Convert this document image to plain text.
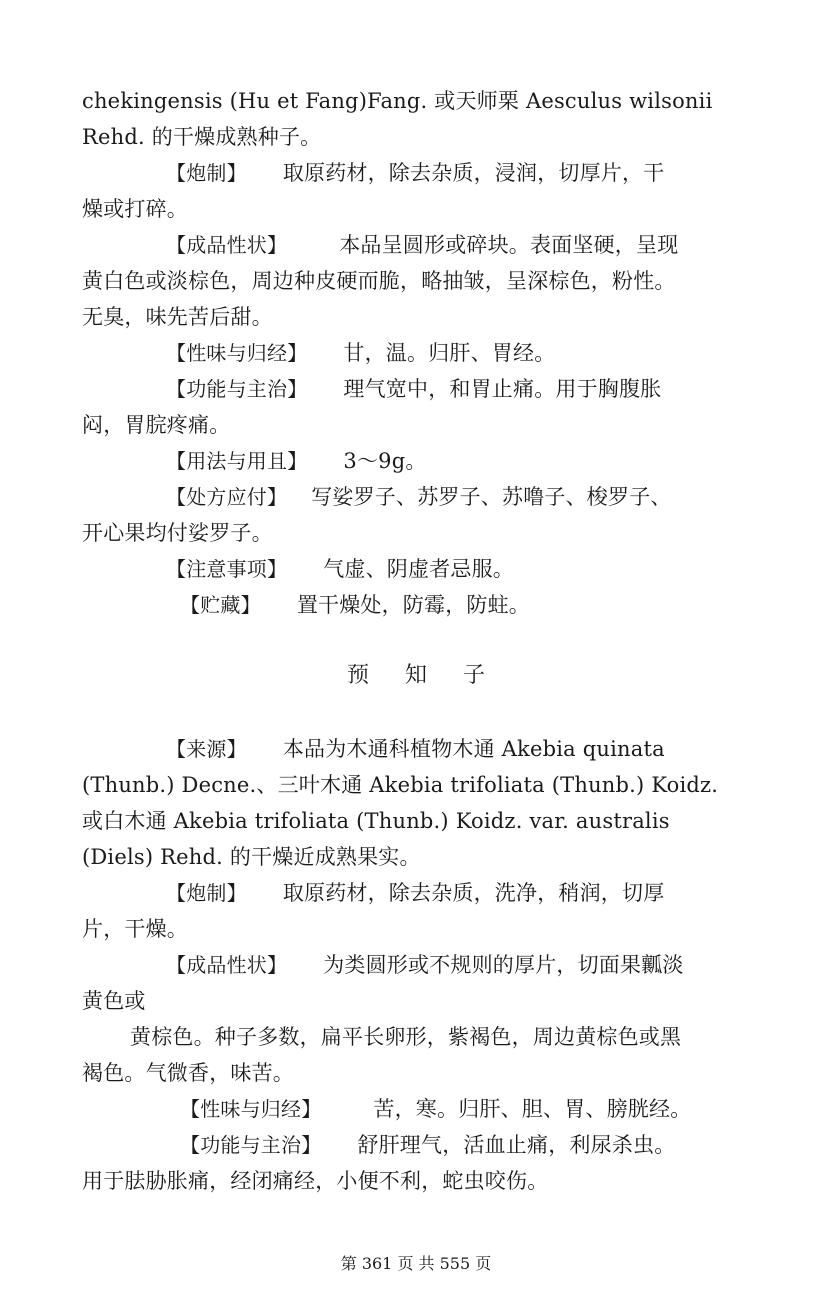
chekingensis (Hu et Fang)Fang. 或天师栗 Aesculus wilsonii
Rehd. 的干燥成熟种子。
【炮制】 取原药材，除去杂质，浸润，切厚片，干
燥或打碎。
【成品性状】 本品呈圆形或碎块。表面坚硬，呈现
黄白色或淡棕色，周边种皮硬而脆，略抽皱，呈深棕色，粉性。
无臭，味先苦后甜。
【性味与归经】 甘，温。归肝、胃经。
【功能与主治】 理气宽中，和胃止痛。用于胸腹胀
闷，胃脘疼痛。
【用法与用且】 3～9g。
【处方应付】 写娑罗子、苏罗子、苏噜子、梭罗子、
开心果均付娑罗子。
【注意事项】 气虚、阴虚者忌服。
【贮藏】 置干燥处，防霉，防蛀。
预 知 子
【来源】 本品为木通科植物木通 Akebia quinata
(Thunb.) Decne.、三叶木通 Akebia trifoliata (Thunb.) Koidz.
或白木通 Akebia trifoliata (Thunb.) Koidz. var. australis
(Diels) Rehd. 的干燥近成熟果实。
【炮制】 取原药材，除去杂质，洗净，稍润，切厚
片，干燥。
【成品性状】 为类圆形或不规则的厚片，切面果瓤淡
黄色或
黄棕色。种子多数，扁平长卵形，紫褐色，周边黄棕色或黑
褐色。气微香，味苦。
【性味与归经】 苦，寒。归肝、胆、胃、膀胱经。
【功能与主治】 舒肝理气，活血止痛，利尿杀虫。
用于胠胁胀痛，经闭痛经，小便不利，蛇虫咬伤。
第 361 页 共 555 页
